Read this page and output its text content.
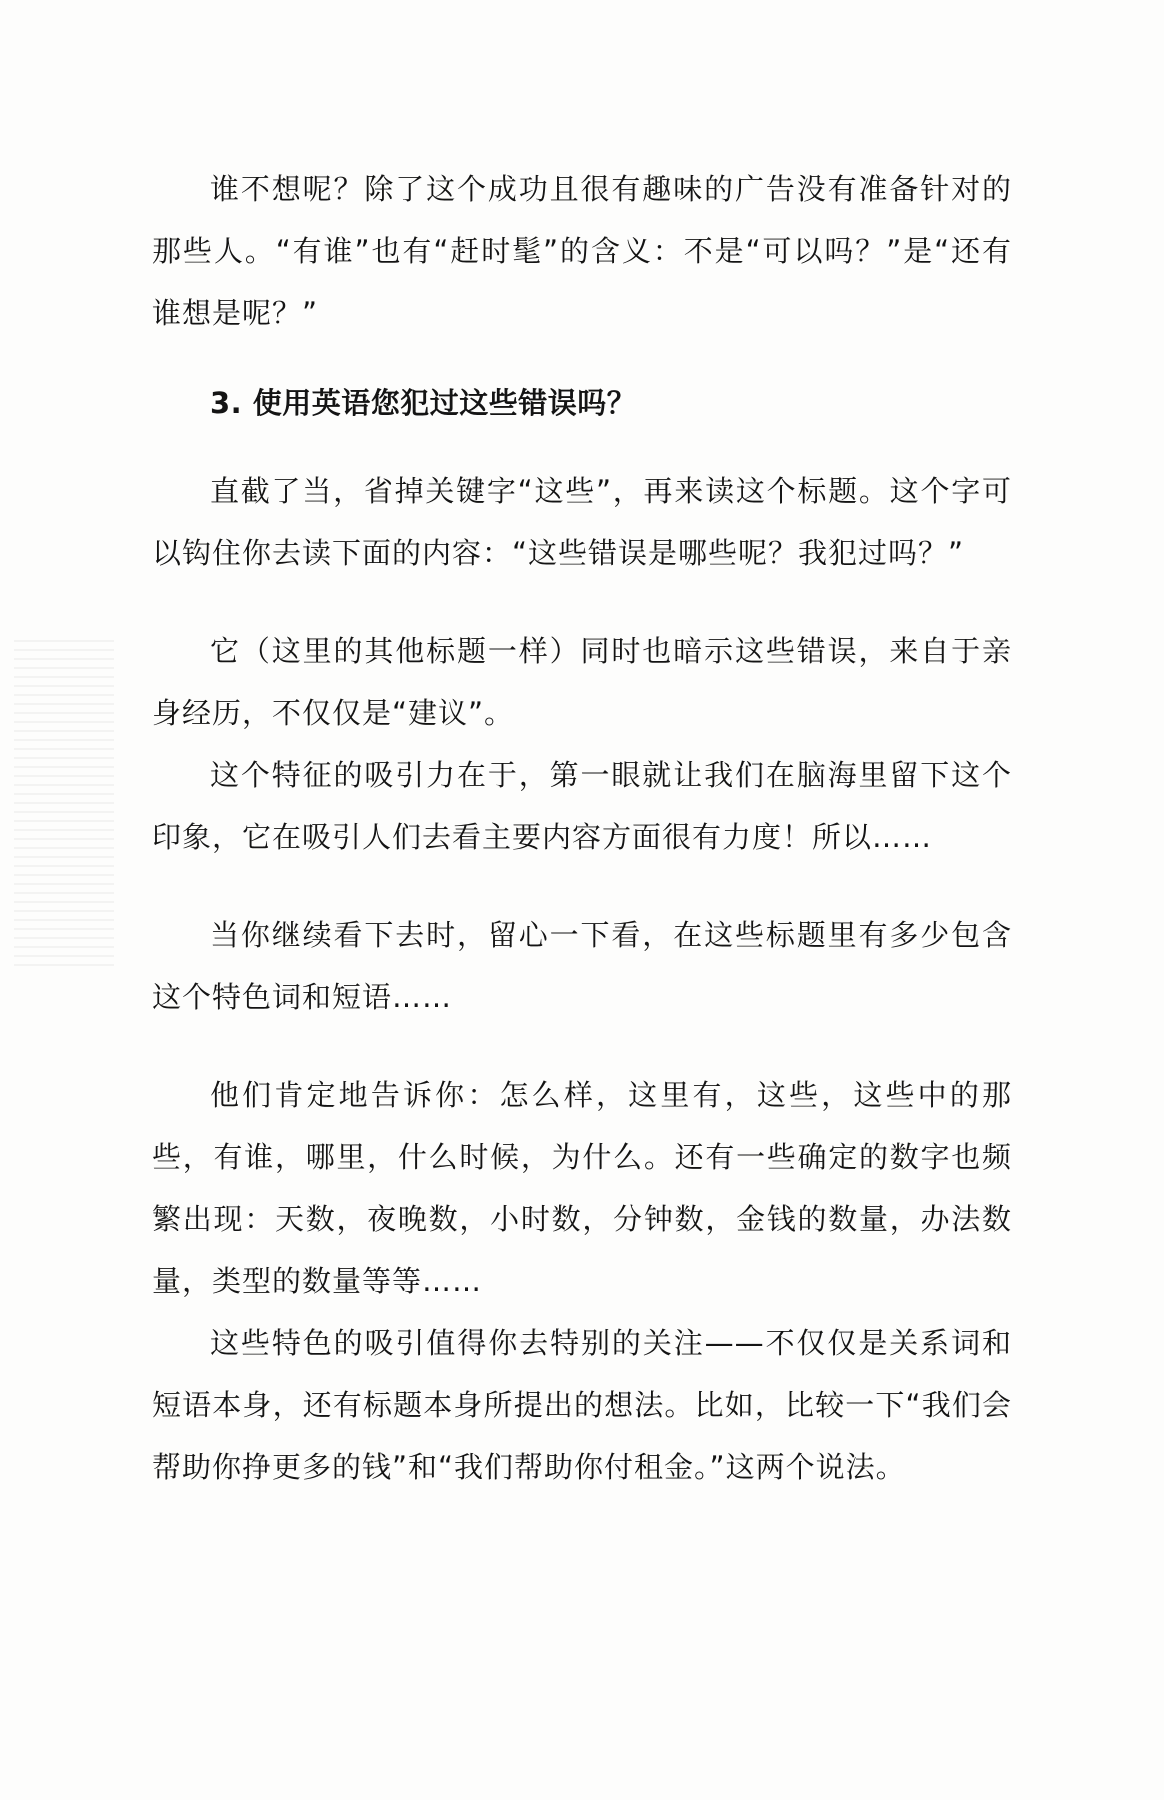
谁不想呢？除了这个成功且很有趣味的广告没有准备针对的那些人。“有谁”也有“赶时髦”的含义：不是“可以吗？”是“还有谁想是呢？”

3. 使用英语您犯过这些错误吗？

直截了当，省掉关键字“这些”，再来读这个标题。这个字可以钩住你去读下面的内容：“这些错误是哪些呢？我犯过吗？”

它（这里的其他标题一样）同时也暗示这些错误，来自于亲身经历，不仅仅是“建议”。

这个特征的吸引力在于，第一眼就让我们在脑海里留下这个印象，它在吸引人们去看主要内容方面很有力度！所以……

当你继续看下去时，留心一下看，在这些标题里有多少包含这个特色词和短语……

他们肯定地告诉你：怎么样，这里有，这些，这些中的那些，有谁，哪里，什么时候，为什么。还有一些确定的数字也频繁出现：天数，夜晚数，小时数，分钟数，金钱的数量，办法数量，类型的数量等等……

这些特色的吸引值得你去特别的关注——不仅仅是关系词和短语本身，还有标题本身所提出的想法。比如，比较一下“我们会帮助你挣更多的钱”和“我们帮助你付租金。”这两个说法。
